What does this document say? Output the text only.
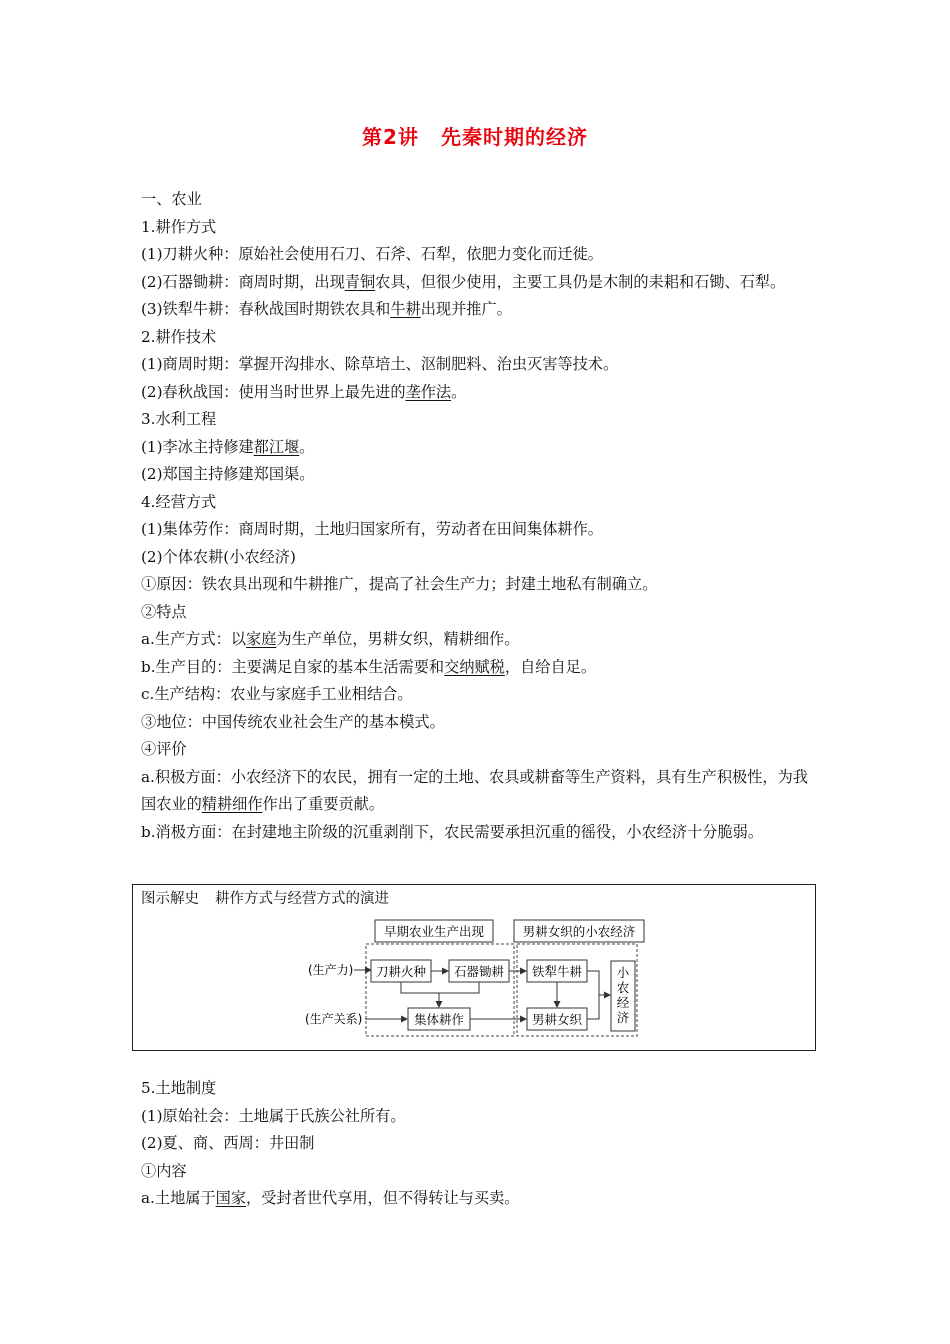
第2讲 先秦时期的经济
一、农业
1.耕作方式
(1)刀耕火种：原始社会使用石刀、石斧、石犁，依肥力变化而迁徙。
(2)石器锄耕：商周时期，出现青铜农具，但很少使用，主要工具仍是木制的耒耜和石锄、石犁。
(3)铁犁牛耕：春秋战国时期铁农具和牛耕出现并推广。
2.耕作技术
(1)商周时期：掌握开沟排水、除草培土、沤制肥料、治虫灭害等技术。
(2)春秋战国：使用当时世界上最先进的垄作法。
3.水利工程
(1)李冰主持修建都江堰。
(2)郑国主持修建郑国渠。
4.经营方式
(1)集体劳作：商周时期，土地归国家所有，劳动者在田间集体耕作。
(2)个体农耕(小农经济)
①原因：铁农具出现和牛耕推广，提高了社会生产力；封建土地私有制确立。
②特点
a.生产方式：以家庭为生产单位，男耕女织，精耕细作。
b.生产目的：主要满足自家的基本生活需要和交纳赋税，自给自足。
c.生产结构：农业与家庭手工业相结合。
③地位：中国传统农业社会生产的基本模式。
④评价
a.积极方面：小农经济下的农民，拥有一定的土地、农具或耕畜等生产资料，具有生产积极性，为我国农业的精耕细作作出了重要贡献。
b.消极方面：在封建地主阶级的沉重剥削下，农民需要承担沉重的徭役，小农经济十分脆弱。
图示解史 耕作方式与经营方式的演进
早期农业生产出现	男耕女织的小农经济
(生产力)
(生产关系)
刀耕火种 石器锄耕
集体耕作
铁犁牛耕
男耕女织
小
农
经
济
5.土地制度
(1)原始社会：土地属于氏族公社所有。
(2)夏、商、西周：井田制
①内容
a.土地属于国家，受封者世代享用，但不得转让与买卖。
